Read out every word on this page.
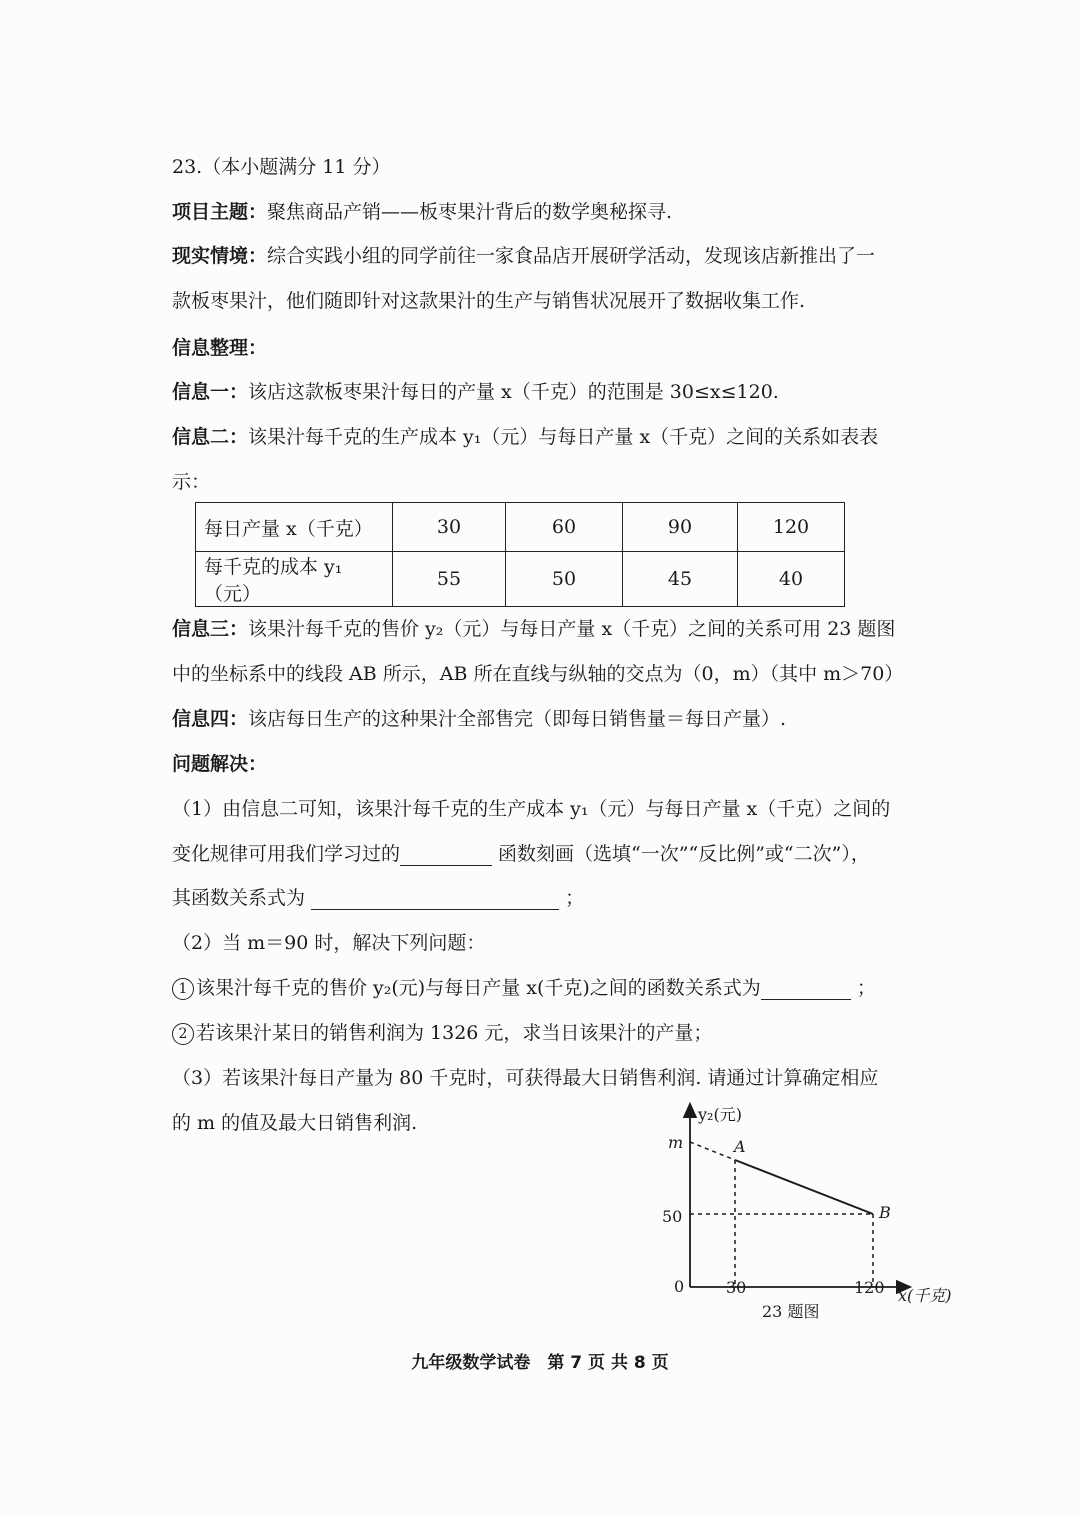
23.（本小题满分 11 分）
项目主题：聚焦商品产销——板枣果汁背后的数学奥秘探寻.
现实情境：综合实践小组的同学前往一家食品店开展研学活动，发现该店新推出了一
款板枣果汁，他们随即针对这款果汁的生产与销售状况展开了数据收集工作.
信息整理：
信息一：该店这款板枣果汁每日的产量 x（千克）的范围是 30≤x≤120.
信息二：该果汁每千克的生产成本 y₁（元）与每日产量 x（千克）之间的关系如表表
示：
每日产量 x（千克）	30	60	90	120
每千克的成本 y₁（元）	55	50	45	40
信息三：该果汁每千克的售价 y₂（元）与每日产量 x（千克）之间的关系可用 23 题图
中的坐标系中的线段 AB 所示，AB 所在直线与纵轴的交点为（0，m）（其中 m＞70）
信息四：该店每日生产的这种果汁全部售完（即每日销售量＝每日产量）.
问题解决：
（1）由信息二可知，该果汁每千克的生产成本 y₁（元）与每日产量 x（千克）之间的
变化规律可用我们学习过的	函数刻画（选填“一次”“反比例”或“二次”），
其函数关系式为	；
（2）当 m＝90 时，解决下列问题：
1 该果汁每千克的售价 y₂(元)与每日产量 x(千克)之间的函数关系式为	；
2 若该果汁某日的销售利润为 1326 元，求当日该果汁的产量；
（3）若该果汁每日产量为 80 千克时，可获得最大日销售利润. 请通过计算确定相应
的 m 的值及最大日销售利润.	y₂(元)
m
50
0	30	120 x(千克)
A
B
23 题图
九年级数学试卷　第 7 页 共 8 页
